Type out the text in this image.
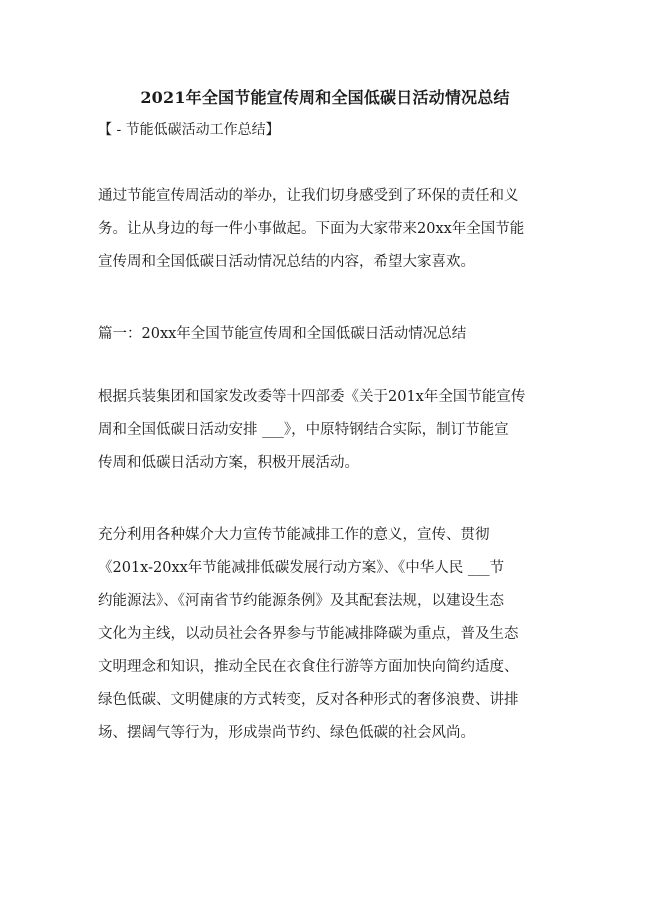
2021年全国节能宣传周和全国低碳日活动情况总结

【 - 节能低碳活动工作总结】

通过节能宣传周活动的举办，让我们切身感受到了环保的责任和义
务。让从身边的每一件小事做起。下面为大家带来20xx年全国节能
宣传周和全国低碳日活动情况总结的内容，希望大家喜欢。

篇一：20xx年全国节能宣传周和全国低碳日活动情况总结

根据兵装集团和国家发改委等十四部委《关于201x年全国节能宣传
周和全国低碳日活动安排 ___》，中原特钢结合实际，制订节能宣
传周和低碳日活动方案，积极开展活动。

充分利用各种媒介大力宣传节能减排工作的意义，宣传、贯彻
《201x-20xx年节能减排低碳发展行动方案》、《中华人民 ___节
约能源法》、《河南省节约能源条例》及其配套法规，以建设生态
文化为主线，以动员社会各界参与节能减排降碳为重点，普及生态
文明理念和知识，推动全民在衣食住行游等方面加快向简约适度、
绿色低碳、文明健康的方式转变，反对各种形式的奢侈浪费、讲排
场、摆阔气等行为，形成崇尚节约、绿色低碳的社会风尚。
